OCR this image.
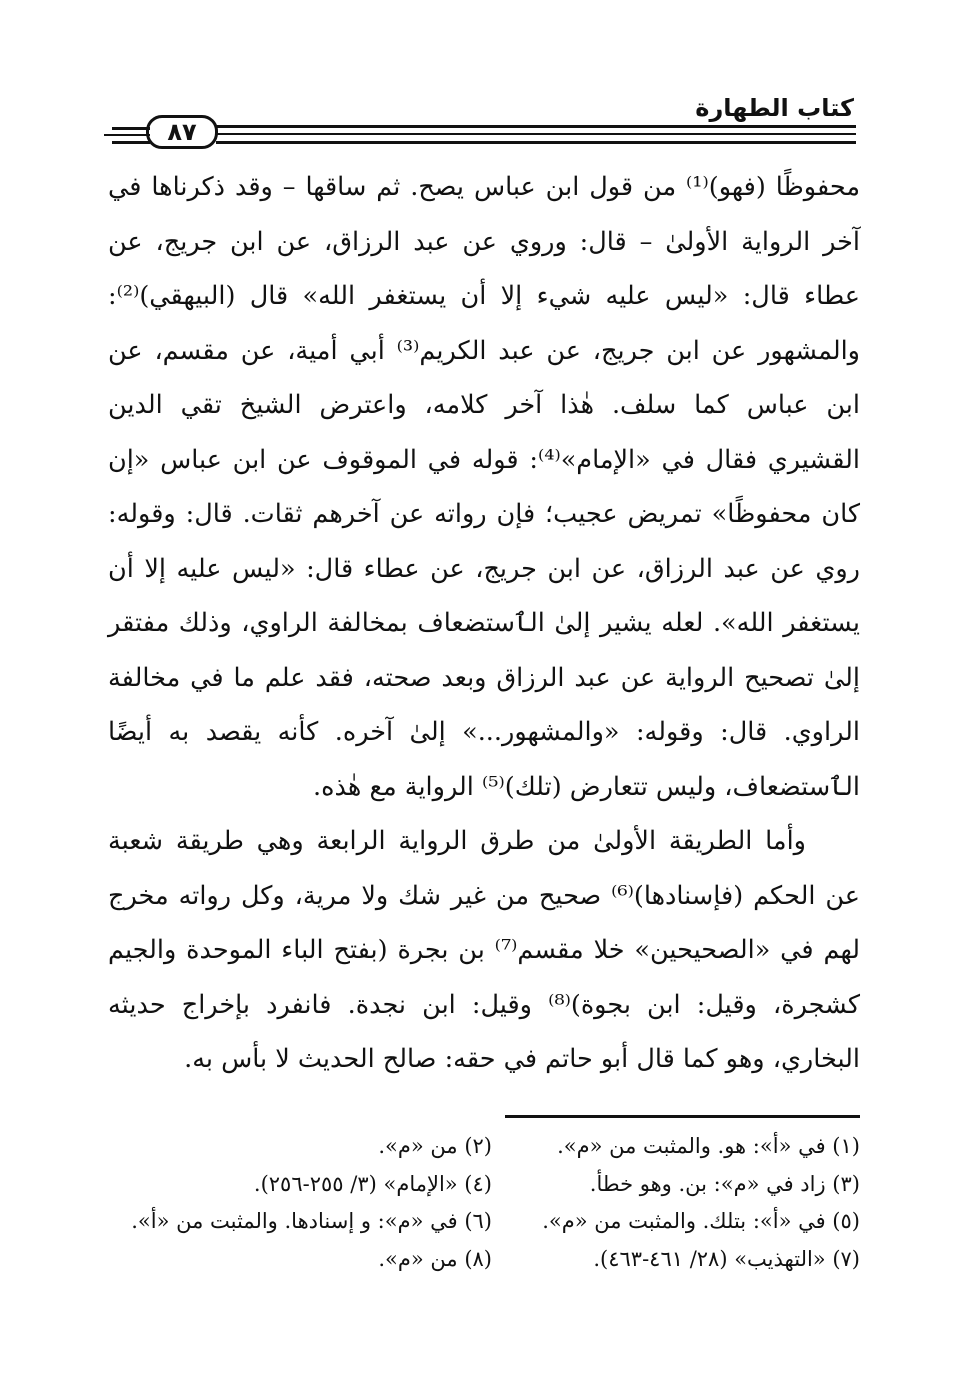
كتاب الطهارة
٨٧

محفوظًا (فهو)⁽¹⁾ من قول ابن عباس يصح. ثم ساقها – وقد ذكرناها في آخر الرواية الأولىٰ – قال: وروي عن عبد الرزاق، عن ابن جريج، عن عطاء قال: «ليس عليه شيء إلا أن يستغفر الله» قال (البيهقي)⁽²⁾: والمشهور عن ابن جريج، عن عبد الكريم⁽³⁾ أبي أمية، عن مقسم، عن ابن عباس كما سلف. هٰذا آخر كلامه، واعترض الشيخ تقي الدين القشيري فقال في «الإمام»⁽⁴⁾: قوله في الموقوف عن ابن عباس «إن كان محفوظًا» تمريض عجيب؛ فإن رواته عن آخرهم ثقات. قال: وقوله: روي عن عبد الرزاق، عن ابن جريج، عن عطاء قال: «ليس عليه إلا أن يستغفر الله». لعله يشير إلىٰ الٱستضعاف بمخالفة الراوي، وذلك مفتقر إلىٰ تصحيح الرواية عن عبد الرزاق وبعد صحته، فقد علم ما في مخالفة الراوي. قال: وقوله: «والمشهور...» إلىٰ آخره. كأنه يقصد به أيضًا الٱستضعاف، وليس تتعارض (تلك)⁽⁵⁾ الرواية مع هٰذه.

وأما الطريقة الأولىٰ من طرق الرواية الرابعة وهي طريقة شعبة عن الحكم (فإسنادها)⁽⁶⁾ صحيح من غير شك ولا مرية، وكل رواته مخرج لهم في «الصحيحين» خلا مقسم⁽⁷⁾ بن بجرة (بفتح الباء الموحدة والجيم كشجرة، وقيل: ابن بجوة)⁽⁸⁾ وقيل: ابن نجدة. فانفرد بإخراج حديثه البخاري، وهو كما قال أبو حاتم في حقه: صالح الحديث لا بأس به.

(١) في «أ»: هو. والمثبت من «م».
(٢) من «م».
(٣) زاد في «م»: بن. وهو خطأ.
(٤) «الإمام» (٣/ ٢٥٥-٢٥٦).
(٥) في «أ»: بتلك. والمثبت من «م».
(٦) في «م»: و إسنادها. والمثبت من «أ».
(٧) «التهذيب» (٢٨/ ٤٦١-٤٦٣).
(٨) من «م».
